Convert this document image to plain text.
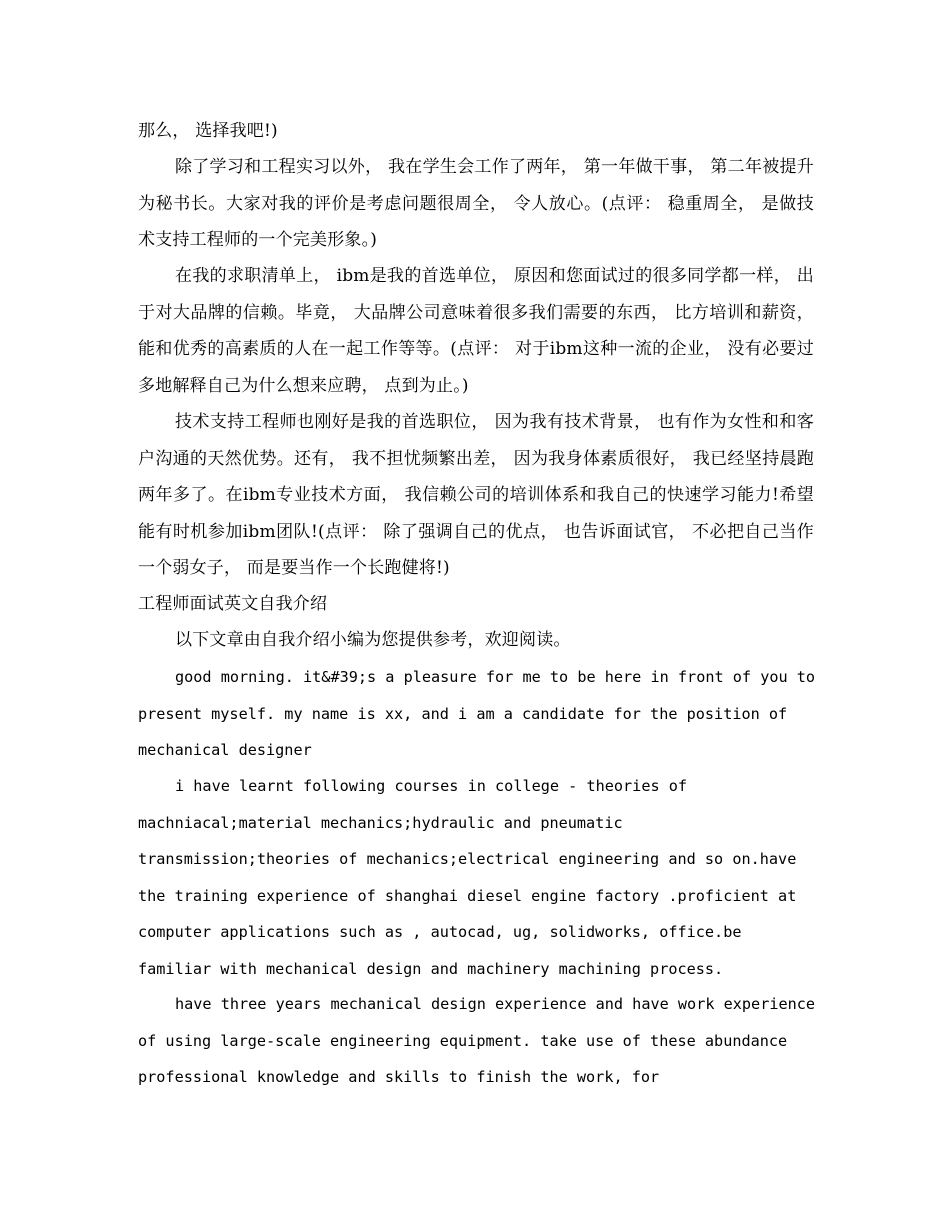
那么， 选择我吧!)

除了学习和工程实习以外， 我在学生会工作了两年， 第一年做干事， 第二年被提升为秘书长。大家对我的评价是考虑问题很周全， 令人放心。(点评： 稳重周全， 是做技术支持工程师的一个完美形象。)

在我的求职清单上， ibm是我的首选单位， 原因和您面试过的很多同学都一样， 出于对大品牌的信赖。毕竟， 大品牌公司意味着很多我们需要的东西， 比方培训和薪资， 能和优秀的高素质的人在一起工作等等。(点评： 对于ibm这种一流的企业， 没有必要过多地解释自己为什么想来应聘， 点到为止。)

技术支持工程师也刚好是我的首选职位， 因为我有技术背景， 也有作为女性和和客户沟通的天然优势。还有， 我不担忧频繁出差， 因为我身体素质很好， 我已经坚持晨跑两年多了。在ibm专业技术方面， 我信赖公司的培训体系和我自己的快速学习能力!希望能有时机参加ibm团队!(点评： 除了强调自己的优点， 也告诉面试官， 不必把自己当作一个弱女子， 而是要当作一个长跑健将!)

工程师面试英文自我介绍

以下文章由自我介绍小编为您提供参考，欢迎阅读。

good morning. it&#39;s a pleasure for me to be here in front of you to present myself. my name is xx, and i am a candidate for the position of mechanical designer

i have learnt following courses in college - theories of machniacal;material mechanics;hydraulic and pneumatic transmission;theories of mechanics;electrical engineering and so on.have the training experience of shanghai diesel engine factory .proficient at computer applications such as , autocad, ug, solidworks, office.be familiar with mechanical design and machinery machining process.

have three years mechanical design experience and have work experience of using large-scale engineering equipment. take use of these abundance professional knowledge and skills to finish the work, for
